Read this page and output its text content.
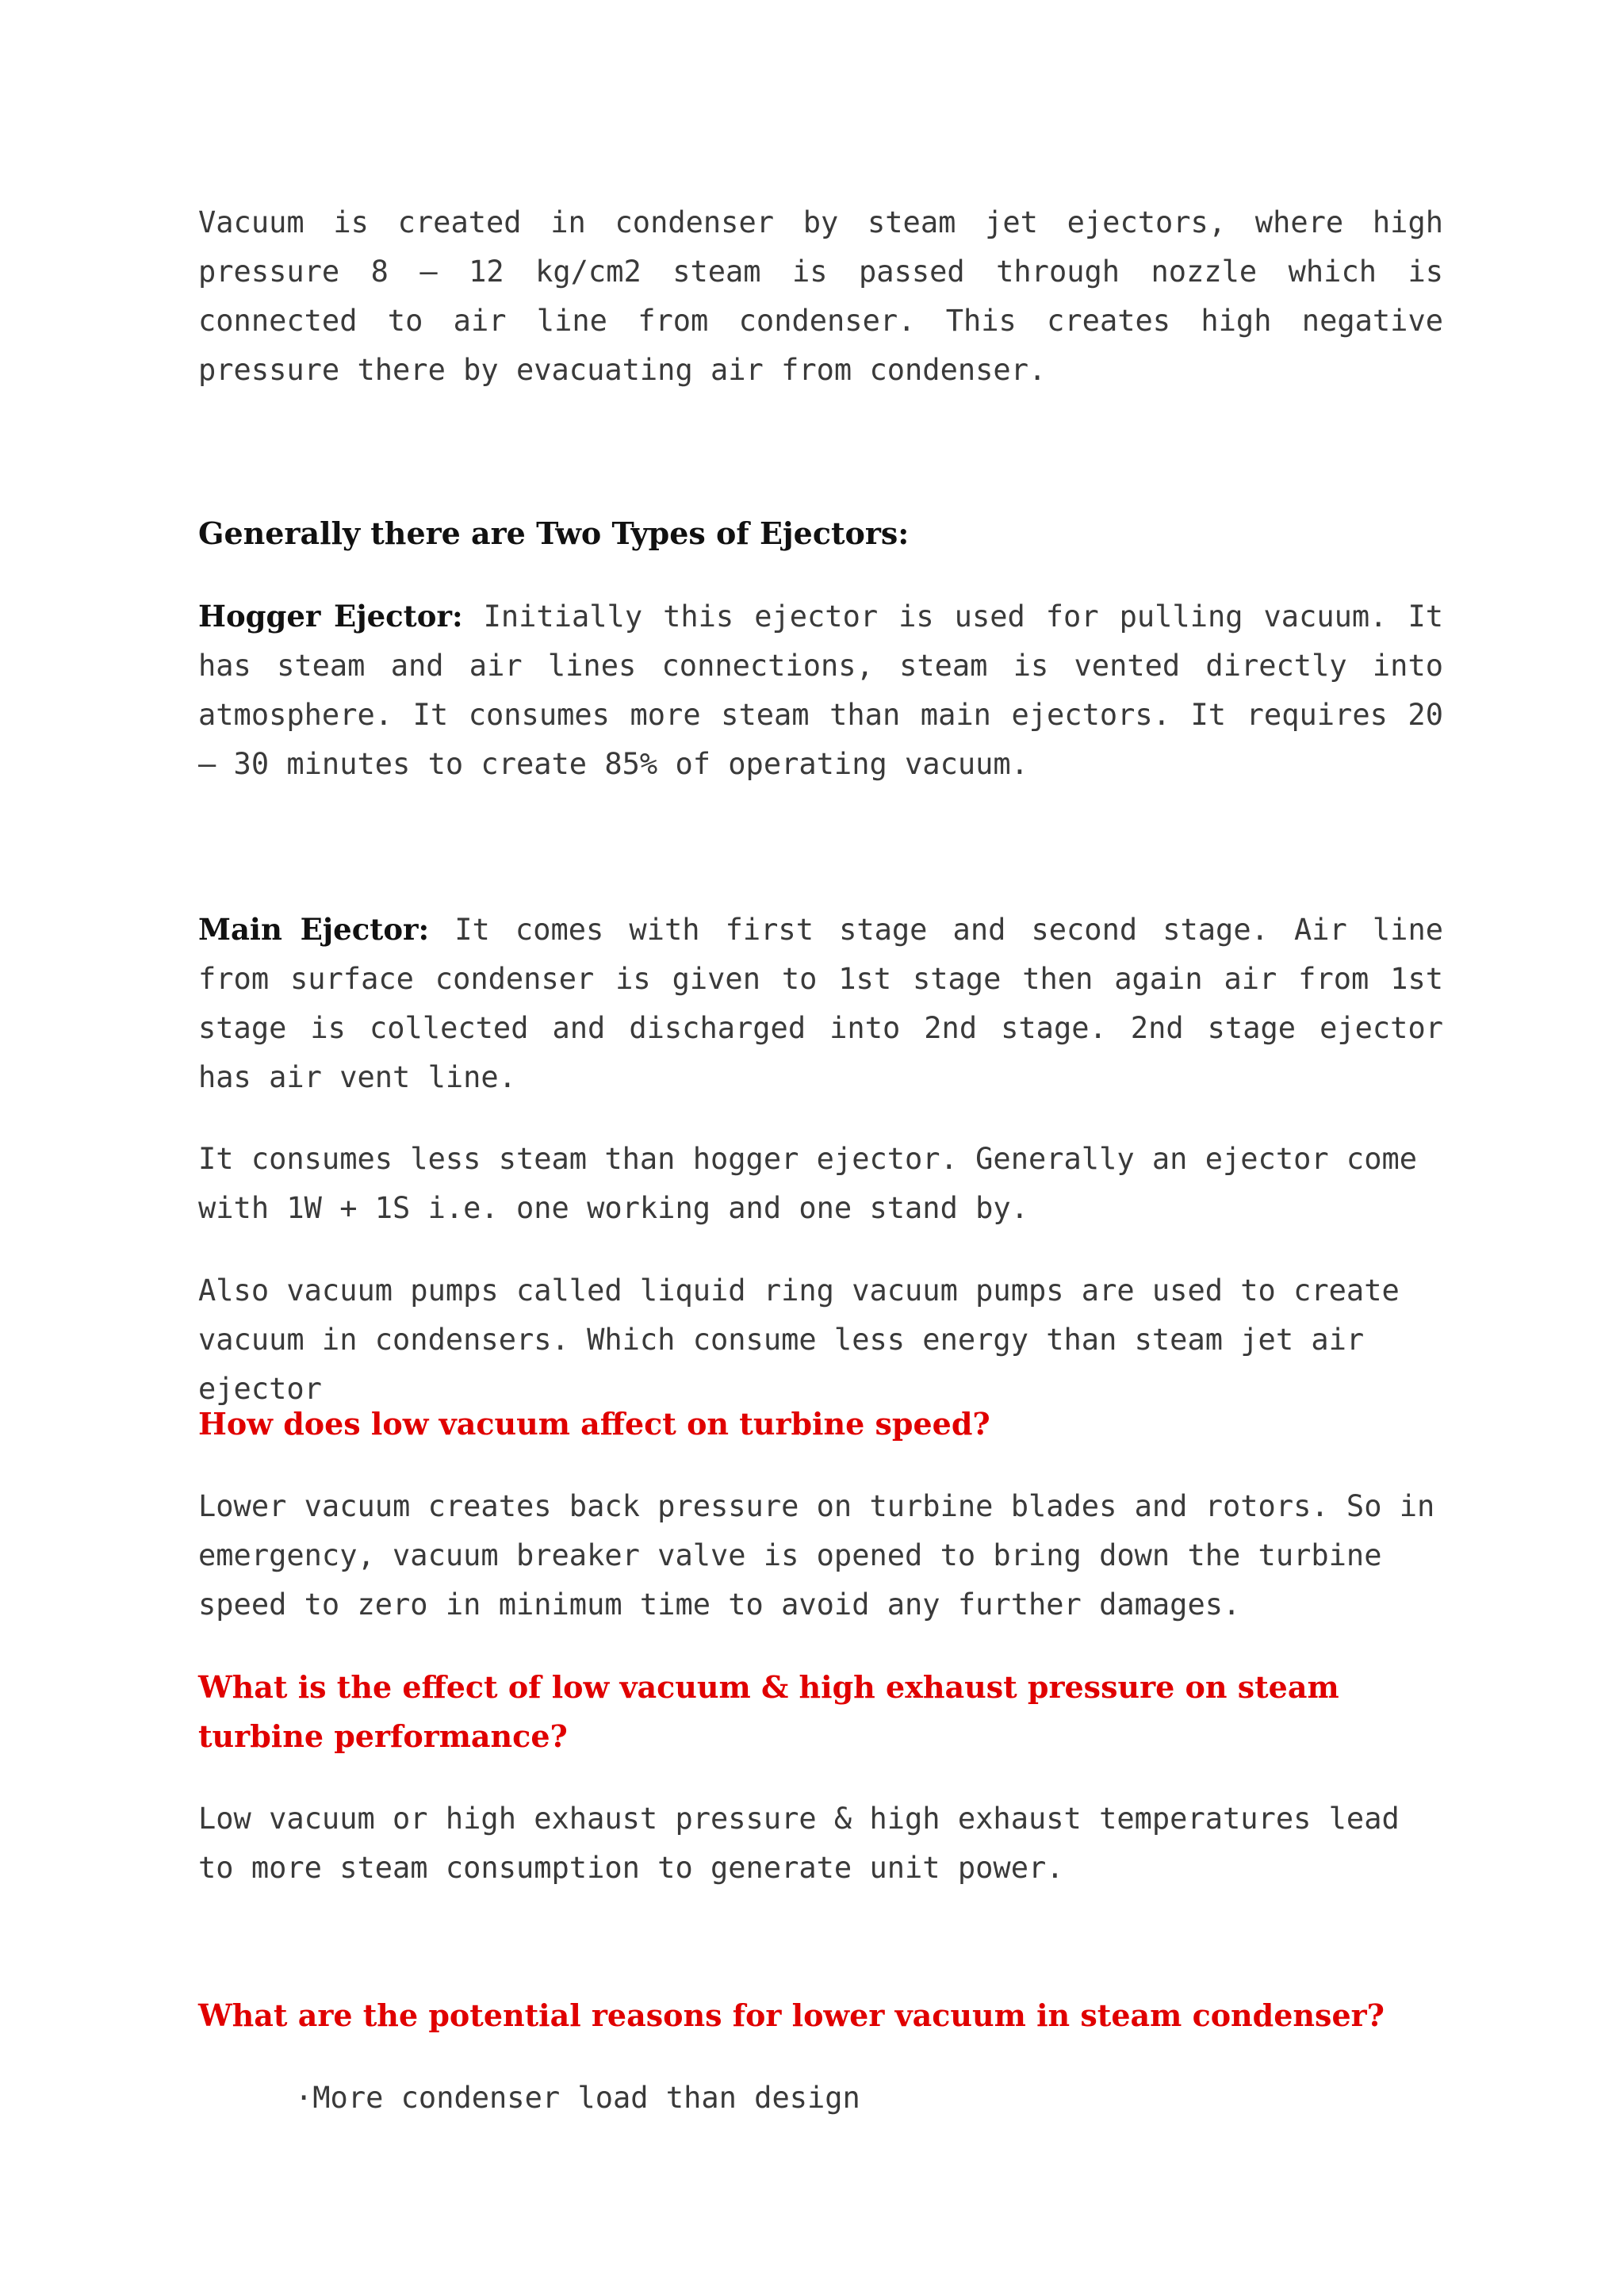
Vacuum is created in condenser by steam jet ejectors, where high pressure 8 – 12 kg/cm2 steam is passed through nozzle which is connected to air line from condenser. This creates high negative pressure there by evacuating air from condenser.

Generally there are Two Types of Ejectors:

Hogger Ejector: Initially this ejector is used for pulling vacuum. It has steam and air lines connections, steam is vented directly into atmosphere. It consumes more steam than main ejectors. It requires 20 – 30 minutes to create 85% of operating vacuum.

Main Ejector: It comes with first stage and second stage. Air line from surface condenser is given to 1st stage then again air from 1st stage is collected and discharged into 2nd stage. 2nd stage ejector has air vent line.

It consumes less steam than hogger ejector. Generally an ejector come with 1W + 1S i.e. one working and one stand by.

Also vacuum pumps called liquid ring vacuum pumps are used to create vacuum in condensers. Which consume less energy than steam jet air ejector

How does low vacuum affect on turbine speed?

Lower vacuum creates back pressure on turbine blades and rotors. So in emergency, vacuum breaker valve is opened to bring down the turbine speed to zero in minimum time to avoid any further damages.

What is the effect of low vacuum & high exhaust pressure on steam turbine performance?

Low vacuum or high exhaust pressure & high exhaust temperatures lead to more steam consumption to generate unit power.

What are the potential reasons for lower vacuum in steam condenser?

·More condenser load than design
